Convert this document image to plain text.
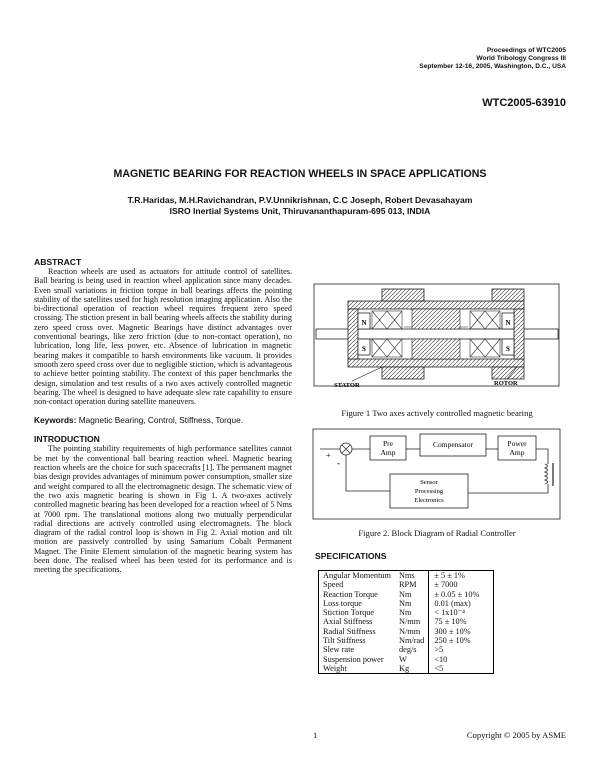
Proceedings of WTC2005
World Tribology Congress III
September 12-16, 2005, Washington, D.C., USA
WTC2005-63910
MAGNETIC BEARING FOR REACTION WHEELS IN SPACE APPLICATIONS
T.R.Haridas, M.H.Ravichandran, P.V.Unnikrishnan, C.C Joseph, Robert Devasahayam
ISRO Inertial Systems Unit, Thiruvananthapuram-695 013, INDIA
ABSTRACT

Reaction wheels are used as actuators for attitude control of satellites. Ball bearing is being used in reaction wheel application since many decades. Even small variations in friction torque in ball bearings affects the pointing stability of the satellites used for high resolution imaging application. Also the bi-directional operation of reaction wheel requires frequent zero speed crossing. The stiction present in ball bearing wheels affects the stability during zero speed cross over. Magnetic Bearings have distinct advantages over conventional bearings, like zero friction (due to non-contact operation), no lubrication, long life, less power, etc. Absence of lubrication in magnetic bearing makes it compatible to harsh environments like vacuum. It provides smooth zero speed cross over due to negligible stiction, which is advantageous to achieve better pointing stability. The context of this paper benchmarks the design, simulation and test results of a two axes actively controlled magnetic bearing. The wheel is designed to have adequate slew rate capability to ensure non-contact operation during satellite maneuvers.

Keywords: Magnetic Bearing, Control, Stiffness, Torque.
INTRODUCTION

The pointing stability requirements of high performance satellites cannot be met by the conventional ball bearing reaction wheel. Magnetic bearing reaction wheels are the choice for such spacecrafts [1]. The permanent magnet bias design provides advantages of minimum power consumption, smaller size and weight compared to all the electromagnetic design. The schematic view of the two axis magnetic bearing is shown in Fig 1. A two-axes actively controlled magnetic bearing has been developed for a reaction wheel of 5 Nms at 7000 rpm. The translational motions along two mutually perpendicular radial directions are actively controlled using electromagnets. The block diagram of the radial control loop is shown in Fig 2. Axial motion and tilt motion are passively controlled by using Samarium Cobalt Permanent Magnet. The Finite Element simulation of the magnetic bearing system has been done. The realised wheel has been tested for its performance and is meeting the specifications.

N
S
N
S
STATOR	ROTOR
Figure 1 Two axes actively controlled magnetic bearing
+
-
Pre
Amp
Compensator	Power
Amp
Sensor
Processing
Electronics
Figure 2. Block Diagram of Radial Controller
SPECIFICATIONS
Angular Momentum	Nms	± 5 ± 1%
Speed	RPM	± 7000
Reaction Torque	Nm	± 0.05 ± 10%
Loss torque	Nm	0.01 (max)
Stiction Torque	Nm	< 1x10⁻⁴
Axial Stiffness	N/mm	75 ± 10%
Radial Stiffness	N/mm	300 ± 10%
Tilt Stiffness	Nm/rad	250 ± 10%
Slew rate	deg/s	>5
Suspension power	W	<10
Weight	Kg	<5
1	Copyright © 2005 by ASME
